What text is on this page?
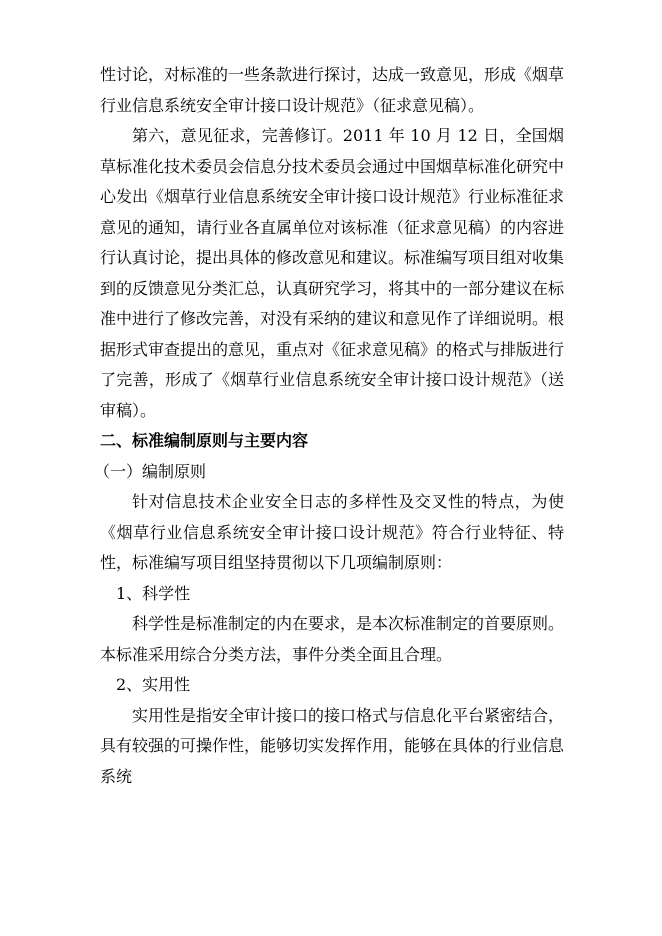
性讨论，对标准的一些条款进行探讨，达成一致意见，形成《烟草行业信息系统安全审计接口设计规范》（征求意见稿）。

第六，意见征求，完善修订。2011 年 10 月 12 日，全国烟草标准化技术委员会信息分技术委员会通过中国烟草标准化研究中心发出《烟草行业信息系统安全审计接口设计规范》行业标准征求意见的通知，请行业各直属单位对该标准（征求意见稿）的内容进行认真讨论，提出具体的修改意见和建议。标准编写项目组对收集到的反馈意见分类汇总，认真研究学习，将其中的一部分建议在标准中进行了修改完善，对没有采纳的建议和意见作了详细说明。根据形式审查提出的意见，重点对《征求意见稿》的格式与排版进行了完善，形成了《烟草行业信息系统安全审计接口设计规范》（送审稿）。

二、标准编制原则与主要内容

（一）编制原则

针对信息技术企业安全日志的多样性及交叉性的特点，为使《烟草行业信息系统安全审计接口设计规范》符合行业特征、特性，标准编写项目组坚持贯彻以下几项编制原则：

1、科学性

科学性是标准制定的内在要求，是本次标准制定的首要原则。本标准采用综合分类方法，事件分类全面且合理。

2、实用性

实用性是指安全审计接口的接口格式与信息化平台紧密结合，具有较强的可操作性，能够切实发挥作用，能够在具体的行业信息系统
